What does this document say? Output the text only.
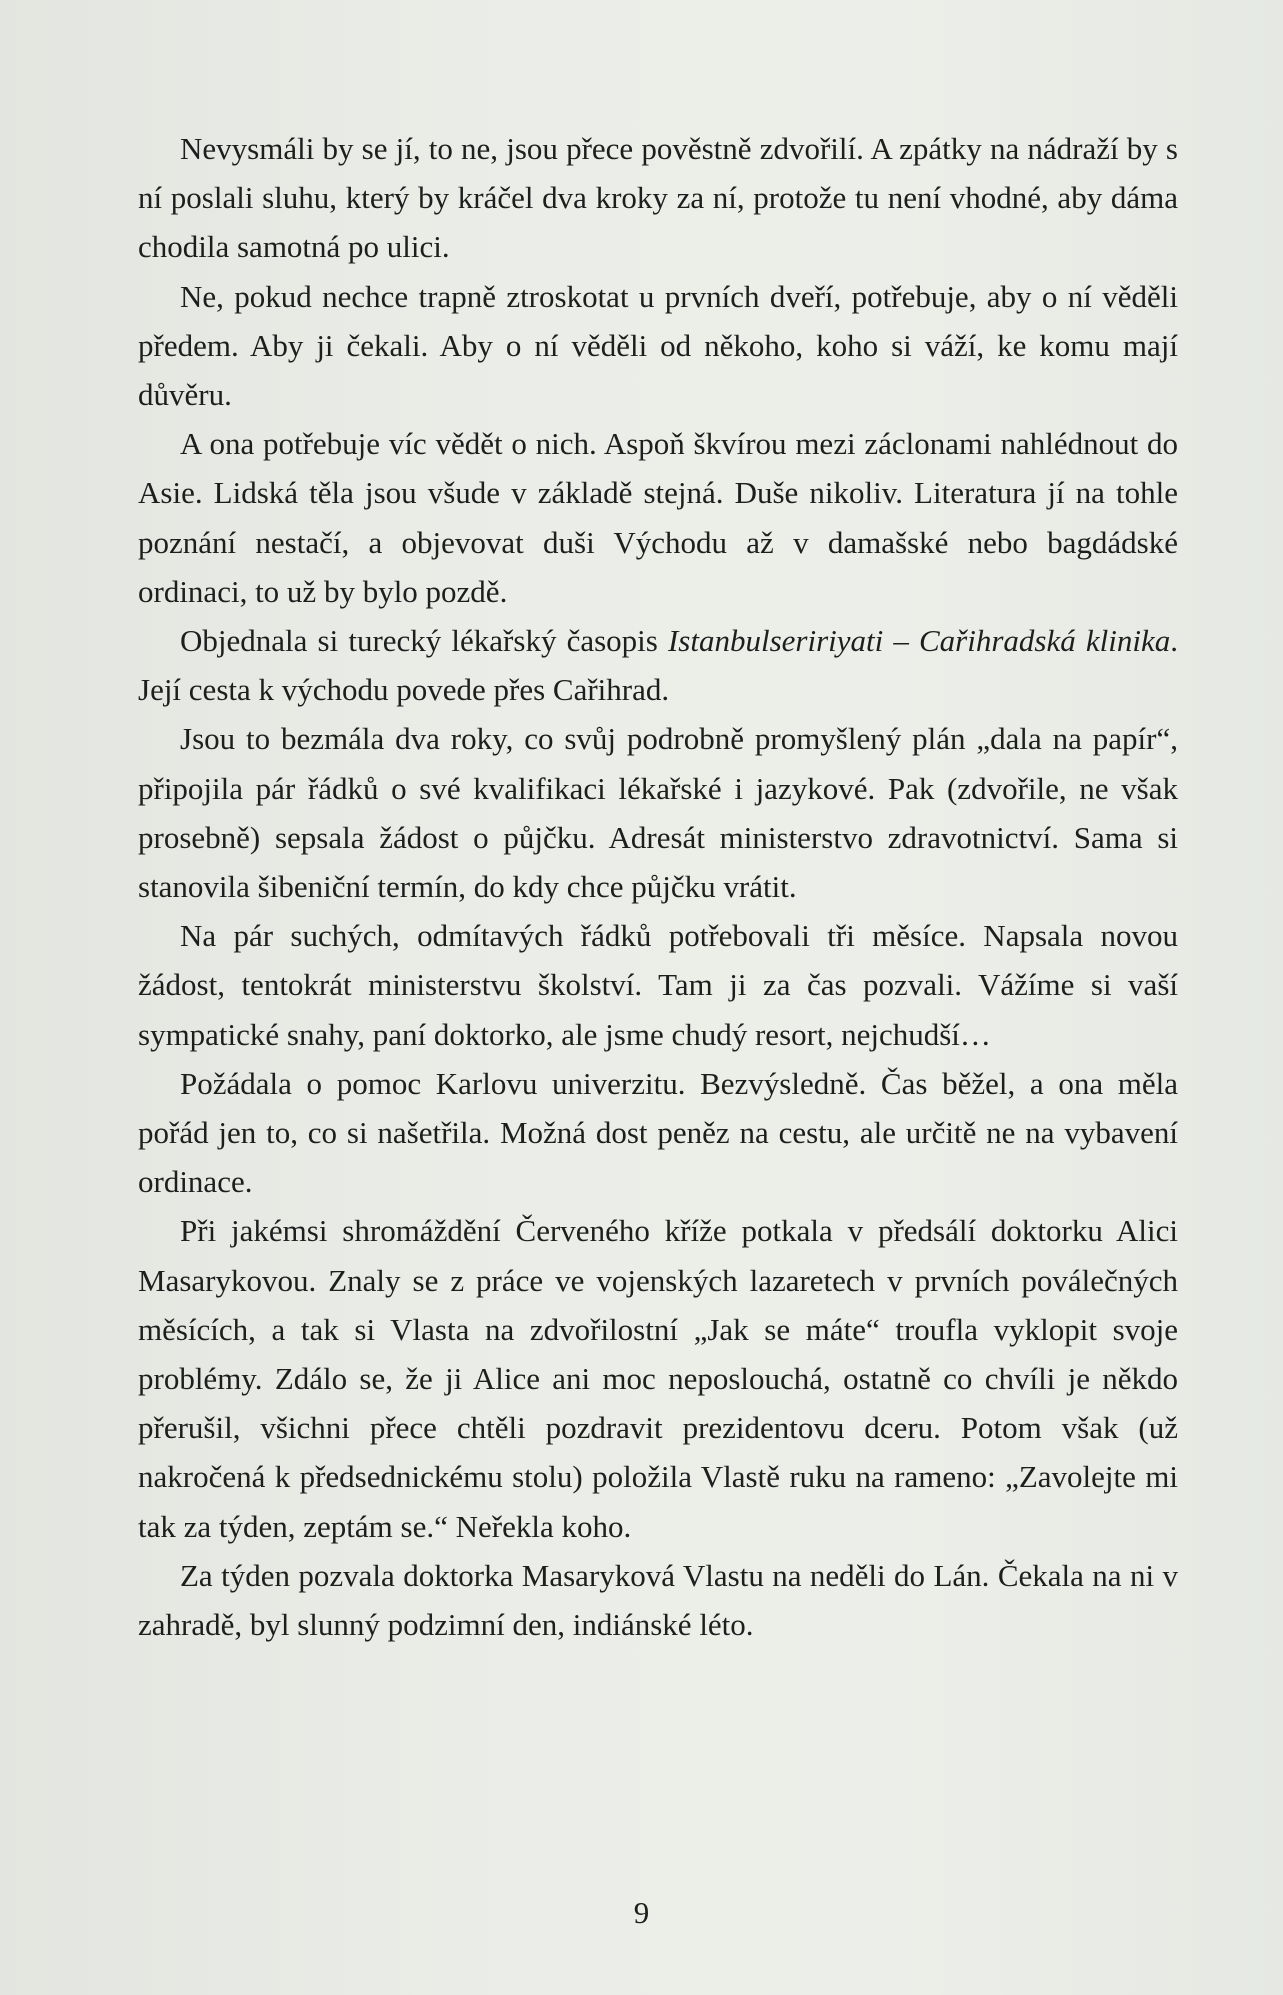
Nevysmáli by se jí, to ne, jsou přece pověstně zdvořilí. A zpátky na nádraží by s ní poslali sluhu, který by kráčel dva kroky za ní, protože tu není vhodné, aby dáma chodila samotná po ulici.

Ne, pokud nechce trapně ztroskotat u prvních dveří, potřebuje, aby o ní věděli předem. Aby ji čekali. Aby o ní věděli od někoho, koho si váží, ke komu mají důvěru.

A ona potřebuje víc vědět o nich. Aspoň škvírou mezi záclonami nahlédnout do Asie. Lidská těla jsou všude v základě stejná. Duše nikoliv. Literatura jí na tohle poznání nestačí, a objevovat duši Východu až v damašské nebo bagdádské ordinaci, to už by bylo pozdě.

Objednala si turecký lékařský časopis Istanbulseririyati – Cařihradská klinika. Její cesta k východu povede přes Cařihrad.

Jsou to bezmála dva roky, co svůj podrobně promyšlený plán „dala na papír“, připojila pár řádků o své kvalifikaci lékařské i jazykové. Pak (zdvořile, ne však prosebně) sepsala žádost o půjčku. Adresát ministerstvo zdravotnictví. Sama si stanovila šibeniční termín, do kdy chce půjčku vrátit.

Na pár suchých, odmítavých řádků potřebovali tři měsíce. Napsala novou žádost, tentokrát ministerstvu školství. Tam ji za čas pozvali. Vážíme si vaší sympatické snahy, paní doktorko, ale jsme chudý resort, nejchudší…

Požádala o pomoc Karlovu univerzitu. Bezvýsledně. Čas běžel, a ona měla pořád jen to, co si našetřila. Možná dost peněz na cestu, ale určitě ne na vybavení ordinace.

Při jakémsi shromáždění Červeného kříže potkala v předsálí doktorku Alici Masarykovou. Znaly se z práce ve vojenských lazaretech v prvních poválečných měsících, a tak si Vlasta na zdvořilostní „Jak se máte“ troufla vyklopit svoje problémy. Zdálo se, že ji Alice ani moc neposlouchá, ostatně co chvíli je někdo přerušil, všichni přece chtěli pozdravit prezidentovu dceru. Potom však (už nakročená k předsednickému stolu) položila Vlastě ruku na rameno: „Zavolejte mi tak za týden, zeptám se.“ Neřekla koho.

Za týden pozvala doktorka Masaryková Vlastu na neděli do Lán. Čekala na ni v zahradě, byl slunný podzimní den, indiánské léto.

9
